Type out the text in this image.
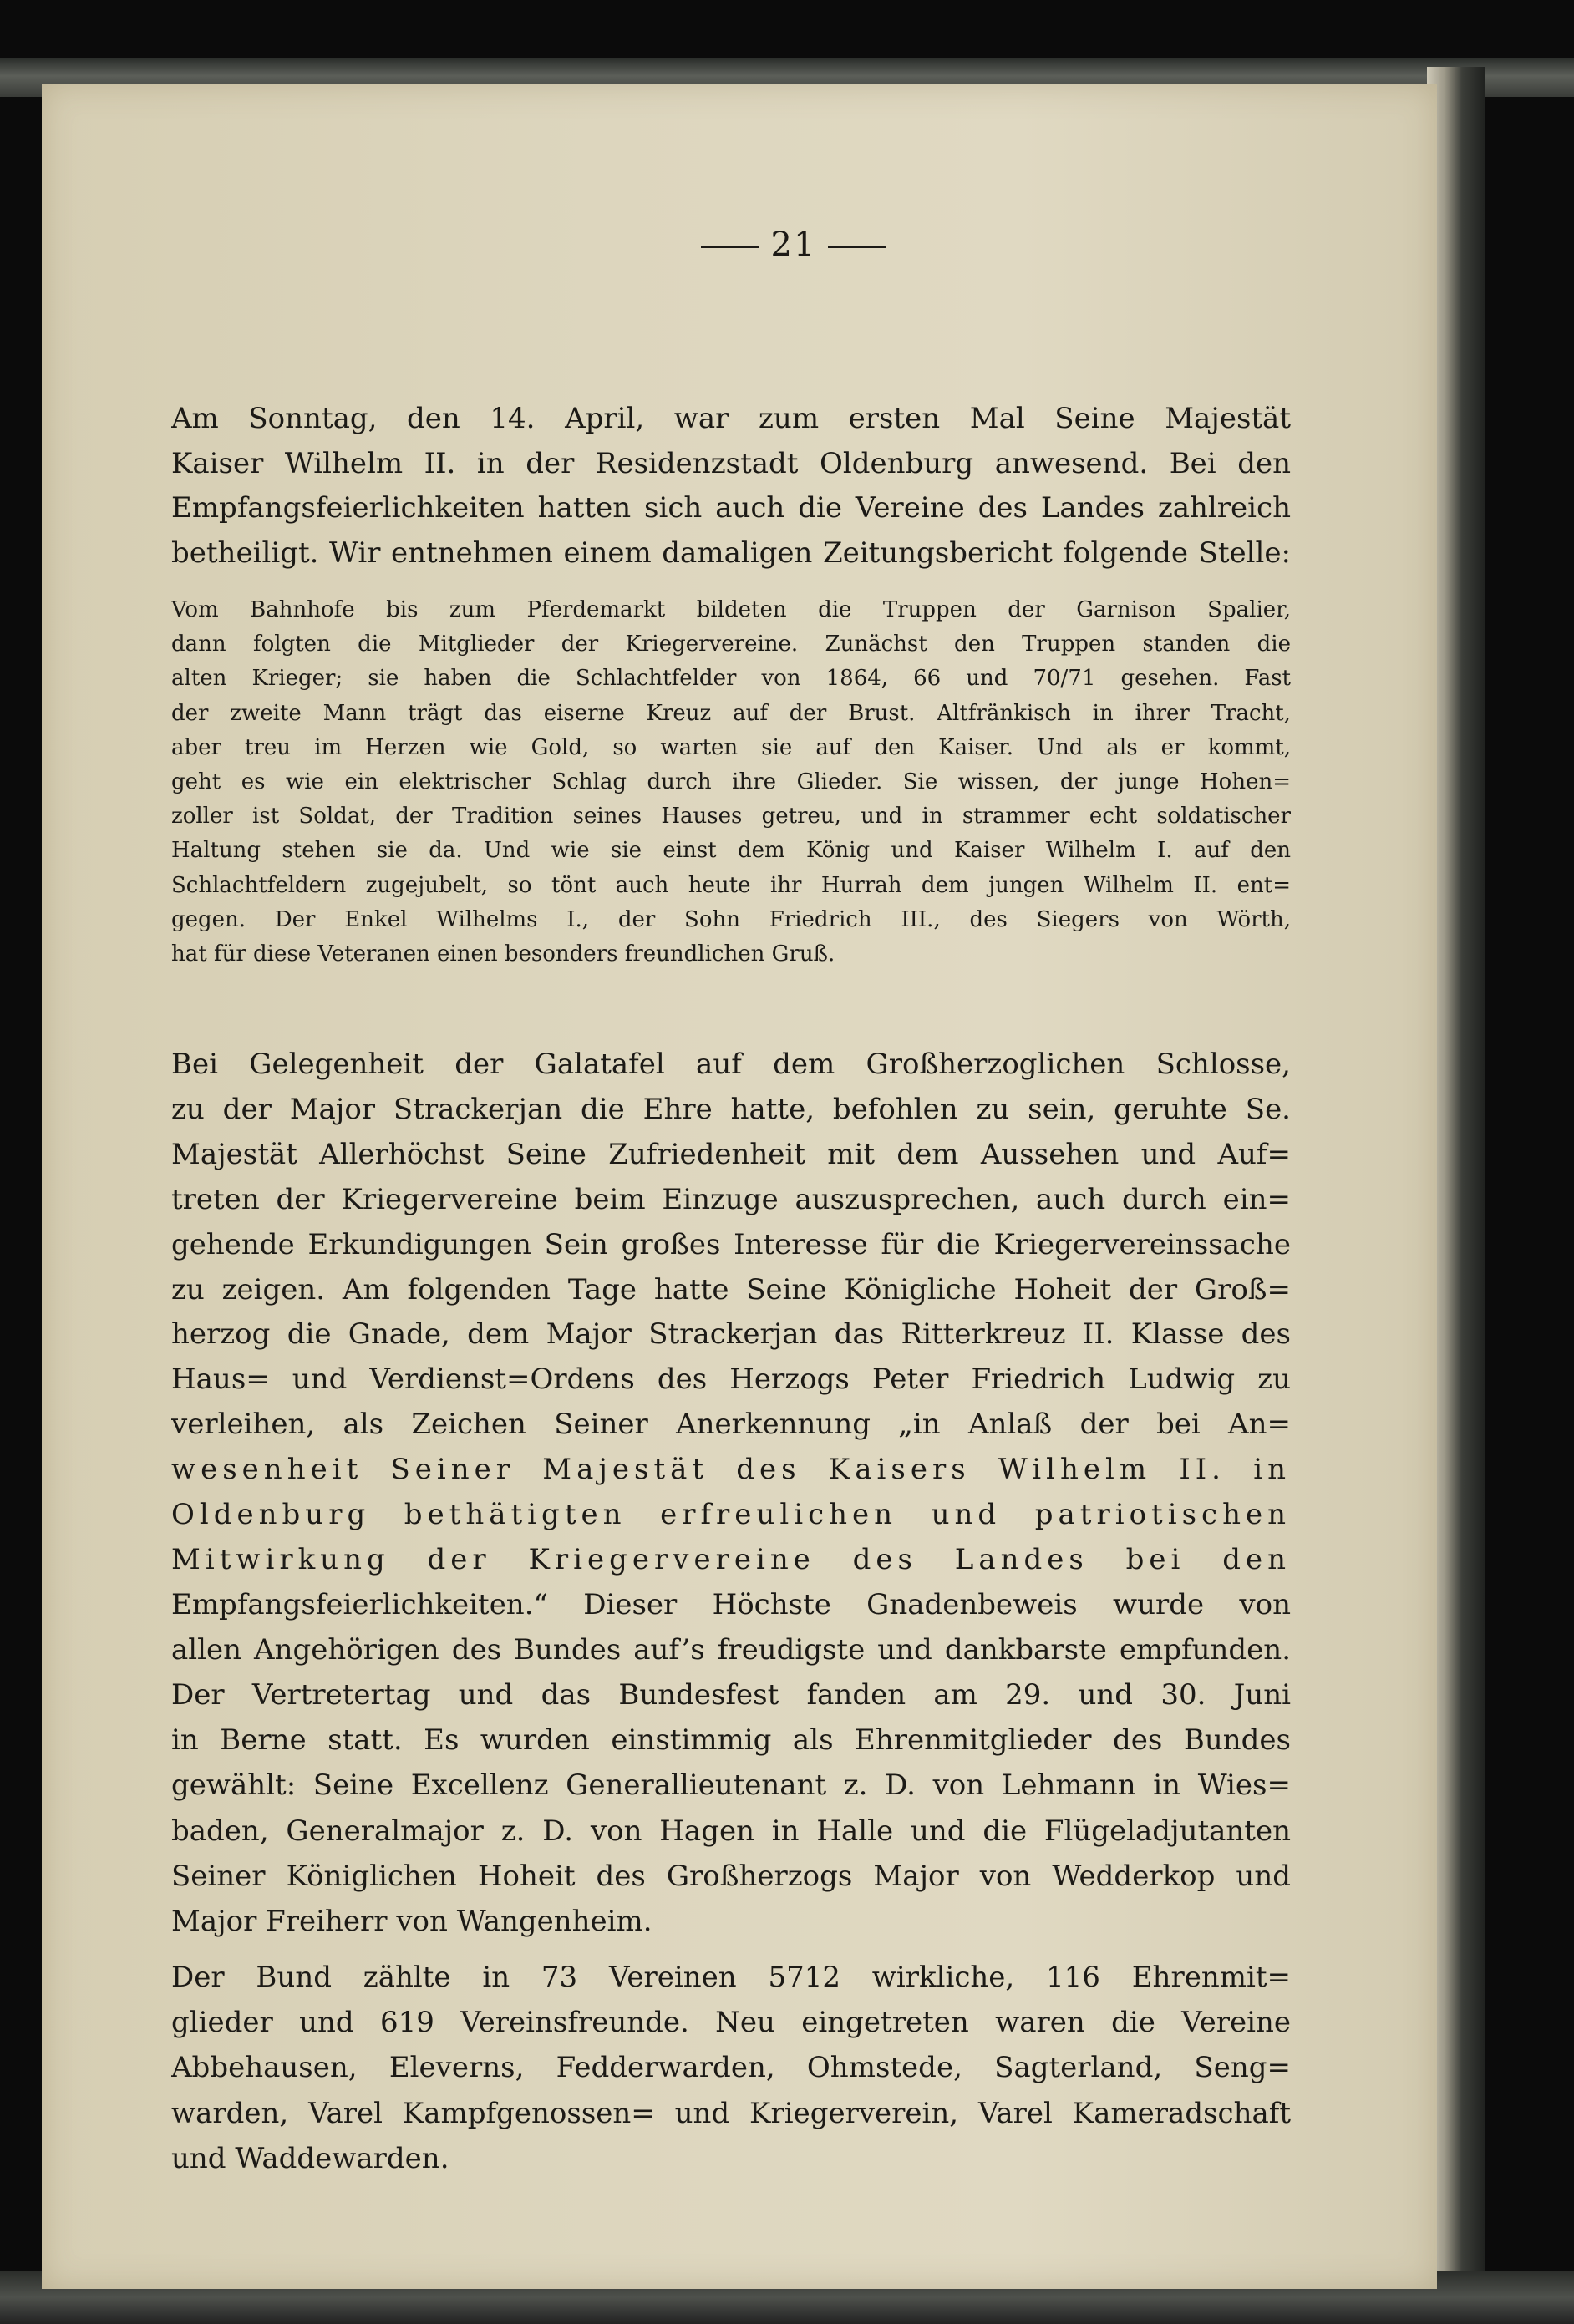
21
Am Sonntag, den 14. April, war zum ersten Mal Seine Majestät
Kaiser Wilhelm II. in der Residenzstadt Oldenburg anwesend. Bei den
Empfangsfeierlichkeiten hatten sich auch die Vereine des Landes zahlreich
betheiligt. Wir entnehmen einem damaligen Zeitungsbericht folgende Stelle:
Vom Bahnhofe bis zum Pferdemarkt bildeten die Truppen der Garnison Spalier,
dann folgten die Mitglieder der Kriegervereine. Zunächst den Truppen standen die
alten Krieger; sie haben die Schlachtfelder von 1864, 66 und 70/71 gesehen. Fast
der zweite Mann trägt das eiserne Kreuz auf der Brust. Altfränkisch in ihrer Tracht,
aber treu im Herzen wie Gold, so warten sie auf den Kaiser. Und als er kommt,
geht es wie ein elektrischer Schlag durch ihre Glieder. Sie wissen, der junge Hohen=
zoller ist Soldat, der Tradition seines Hauses getreu, und in strammer echt soldatischer
Haltung stehen sie da. Und wie sie einst dem König und Kaiser Wilhelm I. auf den
Schlachtfeldern zugejubelt, so tönt auch heute ihr Hurrah dem jungen Wilhelm II. ent=
gegen. Der Enkel Wilhelms I., der Sohn Friedrich III., des Siegers von Wörth,
hat für diese Veteranen einen besonders freundlichen Gruß.
Bei Gelegenheit der Galatafel auf dem Großherzoglichen Schlosse,
zu der Major Strackerjan die Ehre hatte, befohlen zu sein, geruhte Se.
Majestät Allerhöchst Seine Zufriedenheit mit dem Aussehen und Auf=
treten der Kriegervereine beim Einzuge auszusprechen, auch durch ein=
gehende Erkundigungen Sein großes Interesse für die Kriegervereinssache
zu zeigen. Am folgenden Tage hatte Seine Königliche Hoheit der Groß=
herzog die Gnade, dem Major Strackerjan das Ritterkreuz II. Klasse des
Haus= und Verdienst=Ordens des Herzogs Peter Friedrich Ludwig zu
verleihen, als Zeichen Seiner Anerkennung „in Anlaß der bei An=
wesenheit Seiner Majestät des Kaisers Wilhelm II. in
Oldenburg bethätigten erfreulichen und patriotischen
Mitwirkung der Kriegervereine des Landes bei den
Empfangsfeierlichkeiten.“ Dieser Höchste Gnadenbeweis wurde von
allen Angehörigen des Bundes auf’s freudigste und dankbarste empfunden.
Der Vertretertag und das Bundesfest fanden am 29. und 30. Juni
in Berne statt. Es wurden einstimmig als Ehrenmitglieder des Bundes
gewählt: Seine Excellenz Generallieutenant z. D. von Lehmann in Wies=
baden, Generalmajor z. D. von Hagen in Halle und die Flügeladjutanten
Seiner Königlichen Hoheit des Großherzogs Major von Wedderkop und
Major Freiherr von Wangenheim.
Der Bund zählte in 73 Vereinen 5712 wirkliche, 116 Ehrenmit=
glieder und 619 Vereinsfreunde. Neu eingetreten waren die Vereine
Abbehausen, Eleverns, Fedderwarden, Ohmstede, Sagterland, Seng=
warden, Varel Kampfgenossen= und Kriegerverein, Varel Kameradschaft
und Waddewarden.
